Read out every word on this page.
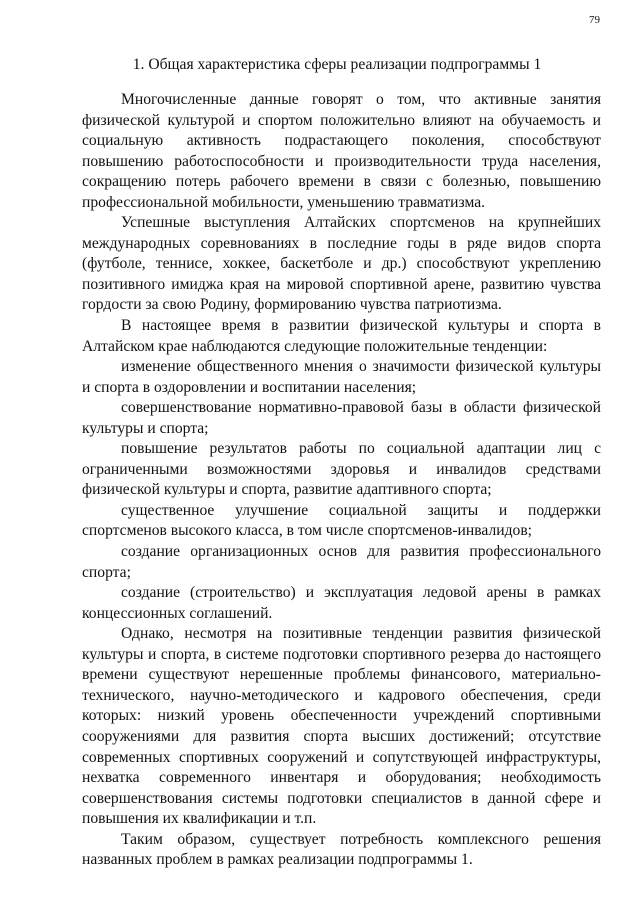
79
1. Общая характеристика сферы реализации подпрограммы 1

Многочисленные данные говорят о том, что активные занятия физической культурой и спортом положительно влияют на обучаемость и социальную активность подрастающего поколения, способствуют повышению работоспособности и производительности труда населения, сокращению потерь рабочего времени в связи с болезнью, повышению профессиональной мобильности, уменьшению травматизма.

Успешные выступления Алтайских спортсменов на крупнейших международных соревнованиях в последние годы в ряде видов спорта (футболе, теннисе, хоккее, баскетболе и др.) способствуют укреплению позитивного имиджа края на мировой спортивной арене, развитию чувства гордости за свою Родину, формированию чувства патриотизма.

В настоящее время в развитии физической культуры и спорта в Алтайском крае наблюдаются следующие положительные тенденции:

изменение общественного мнения о значимости физической культуры и спорта в оздоровлении и воспитании населения;

совершенствование нормативно-правовой базы в области физической культуры и спорта;

повышение результатов работы по социальной адаптации лиц с ограниченными возможностями здоровья и инвалидов средствами физической культуры и спорта, развитие адаптивного спорта;

существенное улучшение социальной защиты и поддержки спортсменов высокого класса, в том числе спортсменов-инвалидов;

создание организационных основ для развития профессионального спорта;

создание (строительство) и эксплуатация ледовой арены в рамках концессионных соглашений.

Однако, несмотря на позитивные тенденции развития физической культуры и спорта, в системе подготовки спортивного резерва до настоящего времени существуют нерешенные проблемы финансового, материально-технического, научно-методического и кадрового обеспечения, среди которых: низкий уровень обеспеченности учреждений спортивными сооружениями для развития спорта высших достижений; отсутствие современных спортивных сооружений и сопутствующей инфраструктуры, нехватка современного инвентаря и оборудования; необходимость совершенствования системы подготовки специалистов в данной сфере и повышения их квалификации и т.п.

Таким образом, существует потребность комплексного решения названных проблем в рамках реализации подпрограммы 1.
